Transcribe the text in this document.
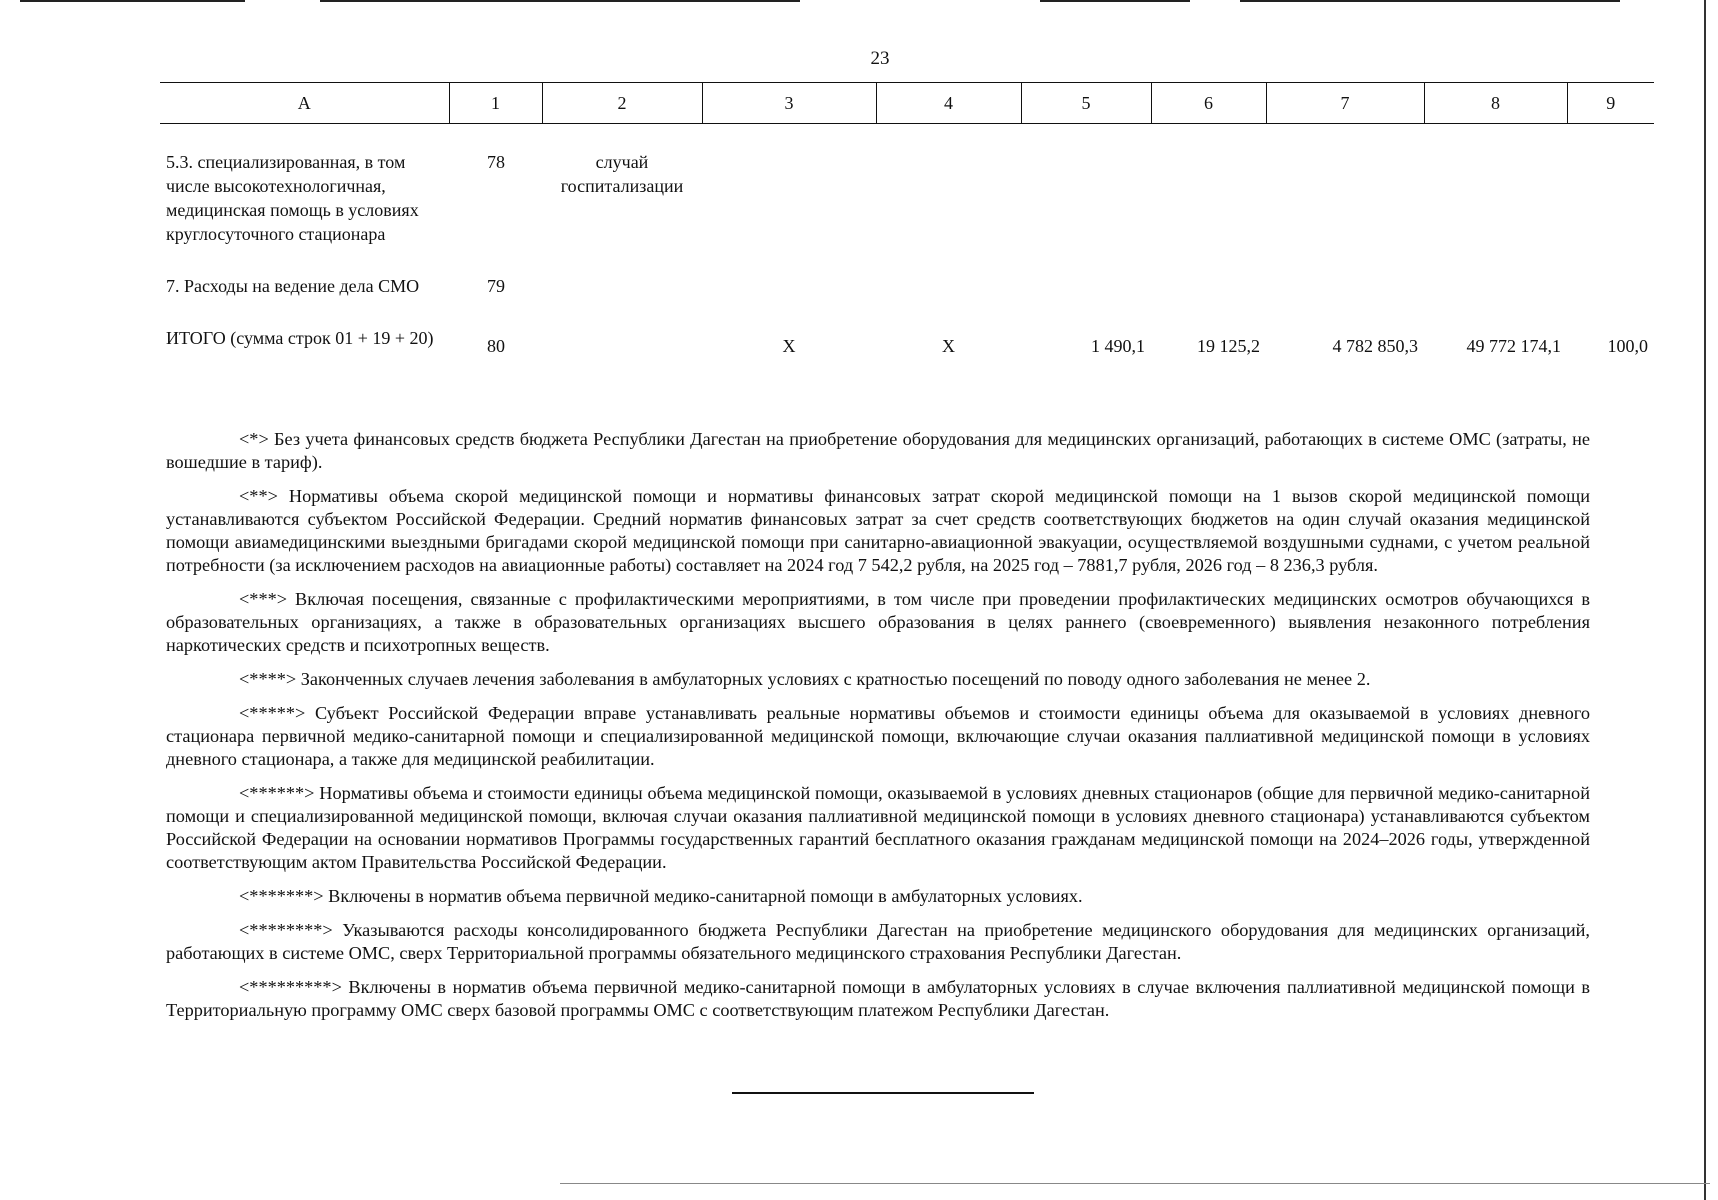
23
А	1	2	3	4	5	6	7	8	9
5.3. специализированная, в том числе высокотехнологичная, медицинская помощь в условиях круглосуточного стационара	78	случай госпитализации							
7. Расходы на ведение дела СМО	79								
ИТОГО (сумма строк 01 + 19 + 20)	80		Х	Х	1 490,1	19 125,2	4 782 850,3	49 772 174,1	100,0

<*> Без учета финансовых средств бюджета Республики Дагестан на приобретение оборудования для медицинских организаций, работающих в системе ОМС (затраты, не вошедшие в тариф).

<**> Нормативы объема скорой медицинской помощи и нормативы финансовых затрат скорой медицинской помощи на 1 вызов скорой медицинской помощи устанавливаются субъектом Российской Федерации. Средний норматив финансовых затрат за счет средств соответствующих бюджетов на один случай оказания медицинской помощи авиамедицинскими выездными бригадами скорой медицинской помощи при санитарно-авиационной эвакуации, осуществляемой воздушными суднами, с учетом реальной потребности (за исключением расходов на авиационные работы) составляет на 2024 год 7 542,2 рубля, на 2025 год – 7881,7 рубля, 2026 год – 8 236,3 рубля.

<***> Включая посещения, связанные с профилактическими мероприятиями, в том числе при проведении профилактических медицинских осмотров обучающихся в образовательных организациях, а также в образовательных организациях высшего образования в целях раннего (своевременного) выявления незаконного потребления наркотических средств и психотропных веществ.

<****> Законченных случаев лечения заболевания в амбулаторных условиях с кратностью посещений по поводу одного заболевания не менее 2.

<*****> Субъект Российской Федерации вправе устанавливать реальные нормативы объемов и стоимости единицы объема для оказываемой в условиях дневного стационара первичной медико-санитарной помощи и специализированной медицинской помощи, включающие случаи оказания паллиативной медицинской помощи в условиях дневного стационара, а также для медицинской реабилитации.

<******> Нормативы объема и стоимости единицы объема медицинской помощи, оказываемой в условиях дневных стационаров (общие для первичной медико-санитарной помощи и специализированной медицинской помощи, включая случаи оказания паллиативной медицинской помощи в условиях дневного стационара) устанавливаются субъектом Российской Федерации на основании нормативов Программы государственных гарантий бесплатного оказания гражданам медицинской помощи на 2024–2026 годы, утвержденной соответствующим актом Правительства Российской Федерации.

<*******> Включены в норматив объема первичной медико-санитарной помощи в амбулаторных условиях.

<********> Указываются расходы консолидированного бюджета Республики Дагестан на приобретение медицинского оборудования для медицинских организаций, работающих в системе ОМС, сверх Территориальной программы обязательного медицинского страхования Республики Дагестан.

<*********> Включены в норматив объема первичной медико-санитарной помощи в амбулаторных условиях в случае включения паллиативной медицинской помощи в Территориальную программу ОМС сверх базовой программы ОМС с соответствующим платежом Республики Дагестан.
